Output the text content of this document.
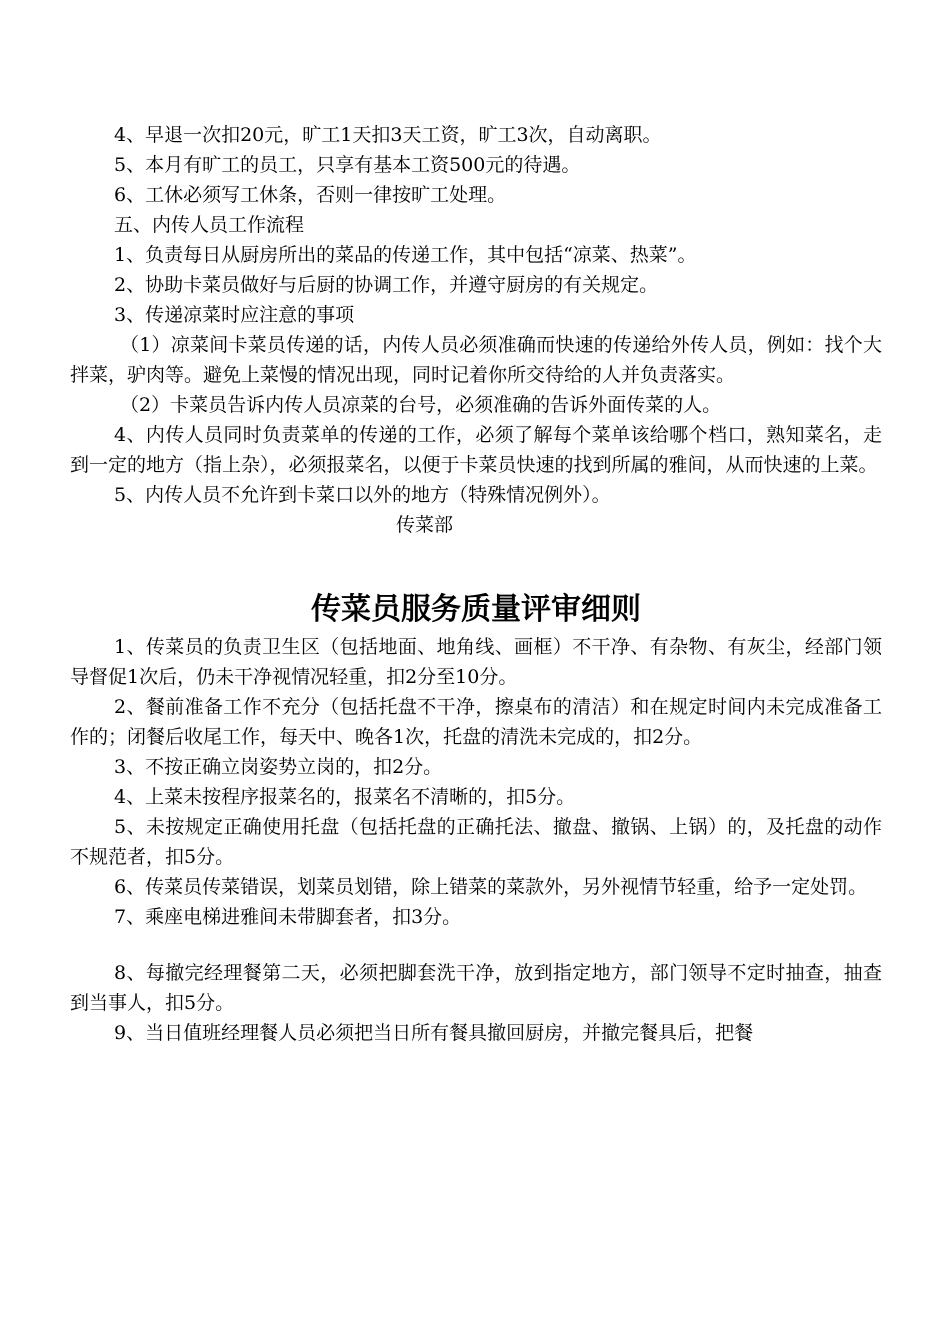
4、早退一次扣20元，旷工1天扣3天工资，旷工3次，自动离职。

5、本月有旷工的员工，只享有基本工资500元的待遇。

6、工休必须写工休条，否则一律按旷工处理。

五、内传人员工作流程

1、负责每日从厨房所出的菜品的传递工作，其中包括“凉菜、热菜”。

2、协助卡菜员做好与后厨的协调工作，并遵守厨房的有关规定。

3、传递凉菜时应注意的事项

（1）凉菜间卡菜员传递的话，内传人员必须准确而快速的传递给外传人员，例如：找个大拌菜，驴肉等。避免上菜慢的情况出现，同时记着你所交待给的人并负责落实。

（2）卡菜员告诉内传人员凉菜的台号，必须准确的告诉外面传菜的人。

4、内传人员同时负责菜单的传递的工作，必须了解每个菜单该给哪个档口，熟知菜名，走到一定的地方（指上杂），必须报菜名，以便于卡菜员快速的找到所属的雅间，从而快速的上菜。

5、内传人员不允许到卡菜口以外的地方（特殊情况例外）。

传菜部

传菜员服务质量评审细则

1、传菜员的负责卫生区（包括地面、地角线、画框）不干净、有杂物、有灰尘，经部门领导督促1次后，仍未干净视情况轻重，扣2分至10分。

2、餐前准备工作不充分（包括托盘不干净，擦桌布的清洁）和在规定时间内未完成准备工作的；闭餐后收尾工作，每天中、晚各1次，托盘的清洗未完成的，扣2分。

3、不按正确立岗姿势立岗的，扣2分。

4、上菜未按程序报菜名的，报菜名不清晰的，扣5分。

5、未按规定正确使用托盘（包括托盘的正确托法、撤盘、撤锅、上锅）的，及托盘的动作不规范者，扣5分。

6、传菜员传菜错误，划菜员划错，除上错菜的菜款外，另外视情节轻重，给予一定处罚。

7、乘座电梯进雅间未带脚套者，扣3分。

8、每撤完经理餐第二天，必须把脚套洗干净，放到指定地方，部门领导不定时抽查，抽查到当事人，扣5分。

9、当日值班经理餐人员必须把当日所有餐具撤回厨房，并撤完餐具后，把餐
